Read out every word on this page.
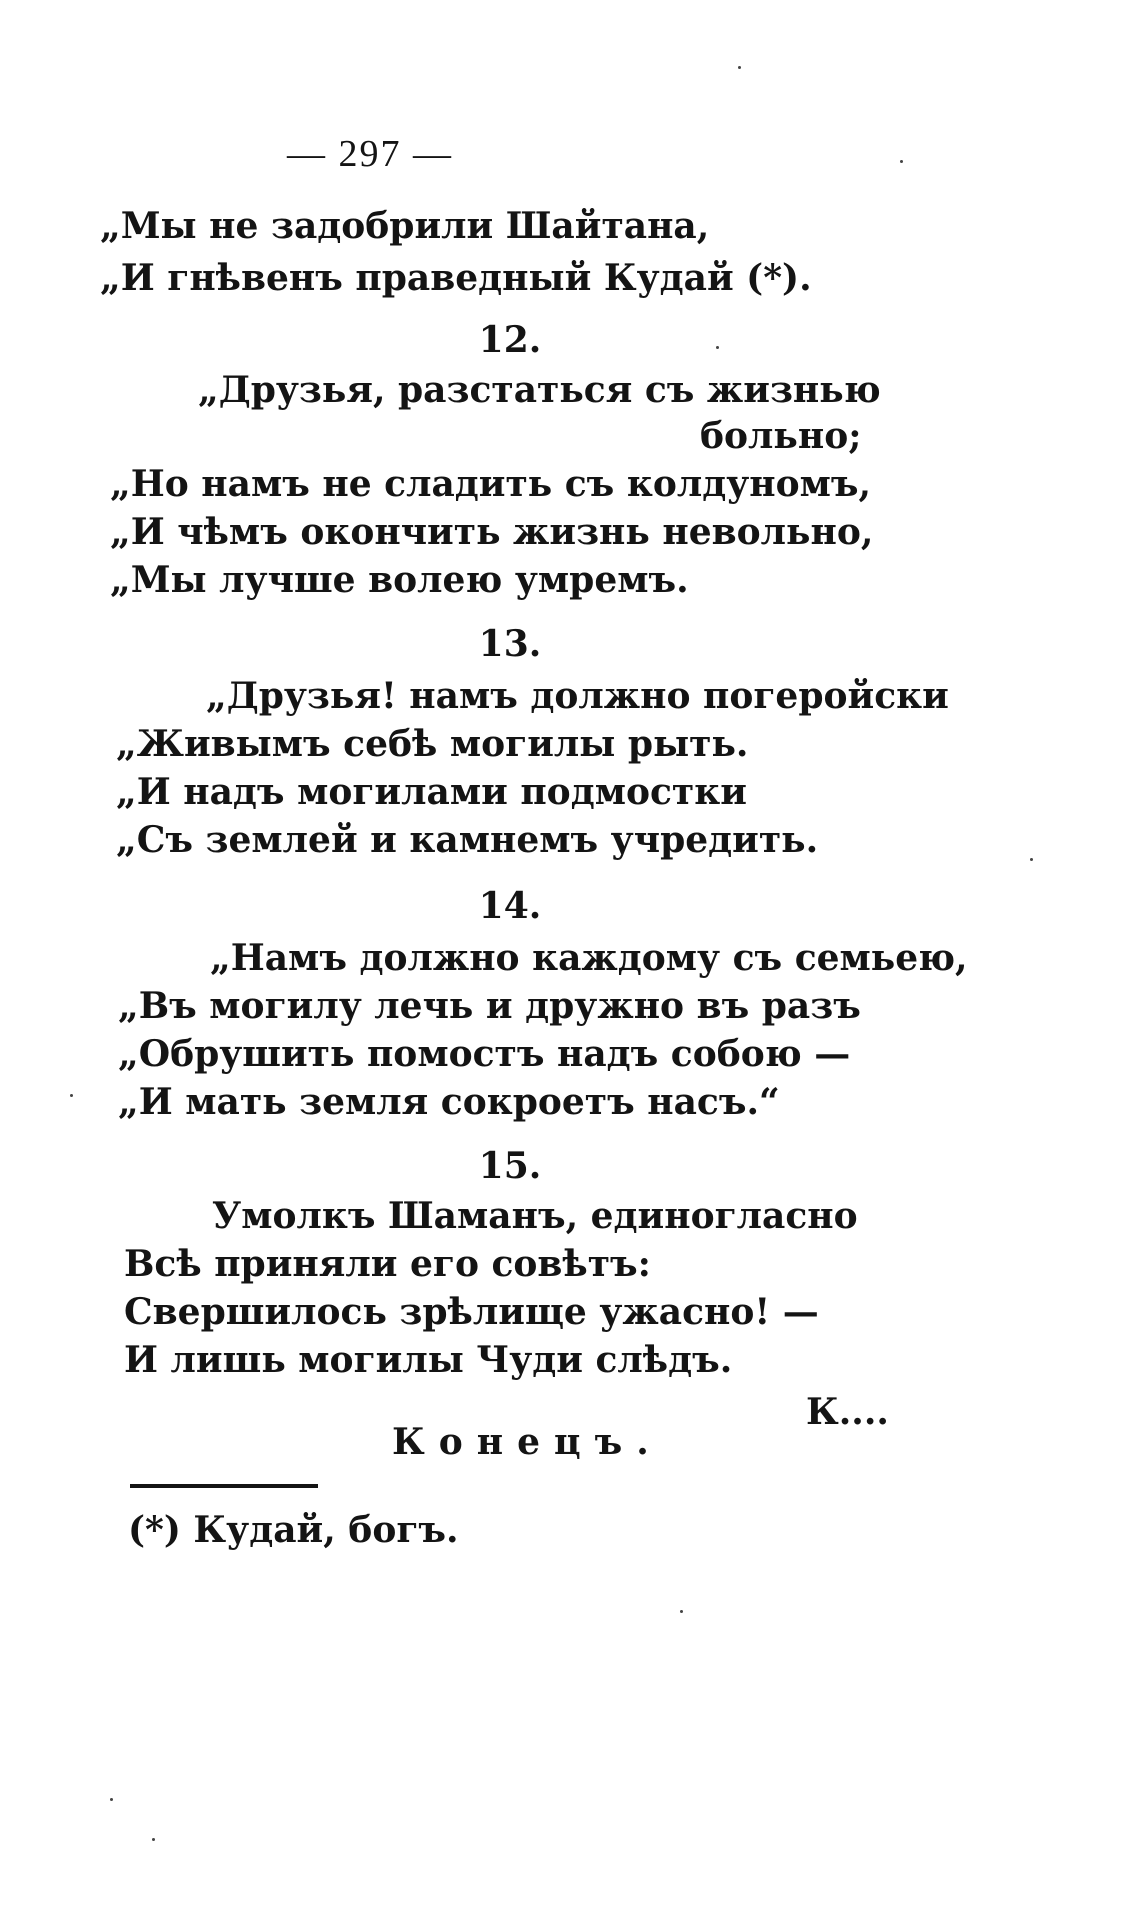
— 297 —
„Мы не задобрили Шайтана,
„И гнѣвенъ праведный Кудай (*).
12.
„Друзья, разстаться съ жизнью
больно;
„Но намъ не сладить съ колдуномъ,
„И чѣмъ окончить жизнь невольно,
„Мы лучше волею умремъ.
13.
„Друзья! намъ должно погеройски
„Живымъ себѣ могилы рыть.
„И надъ могилами подмостки
„Съ землей и камнемъ учредить.
14.
„Намъ должно каждому съ семьею,
„Въ могилу лечь и дружно въ разъ
„Обрушить помостъ надъ собою —
„И мать земля сокроетъ насъ.“
15.
Умолкъ Шаманъ, единогласно
Всѣ приняли его совѣтъ:
Свершилось зрѣлище ужасно! —
И лишь могилы Чуди слѣдъ.
К....
Конецъ.
(*) Кудай, богъ.
